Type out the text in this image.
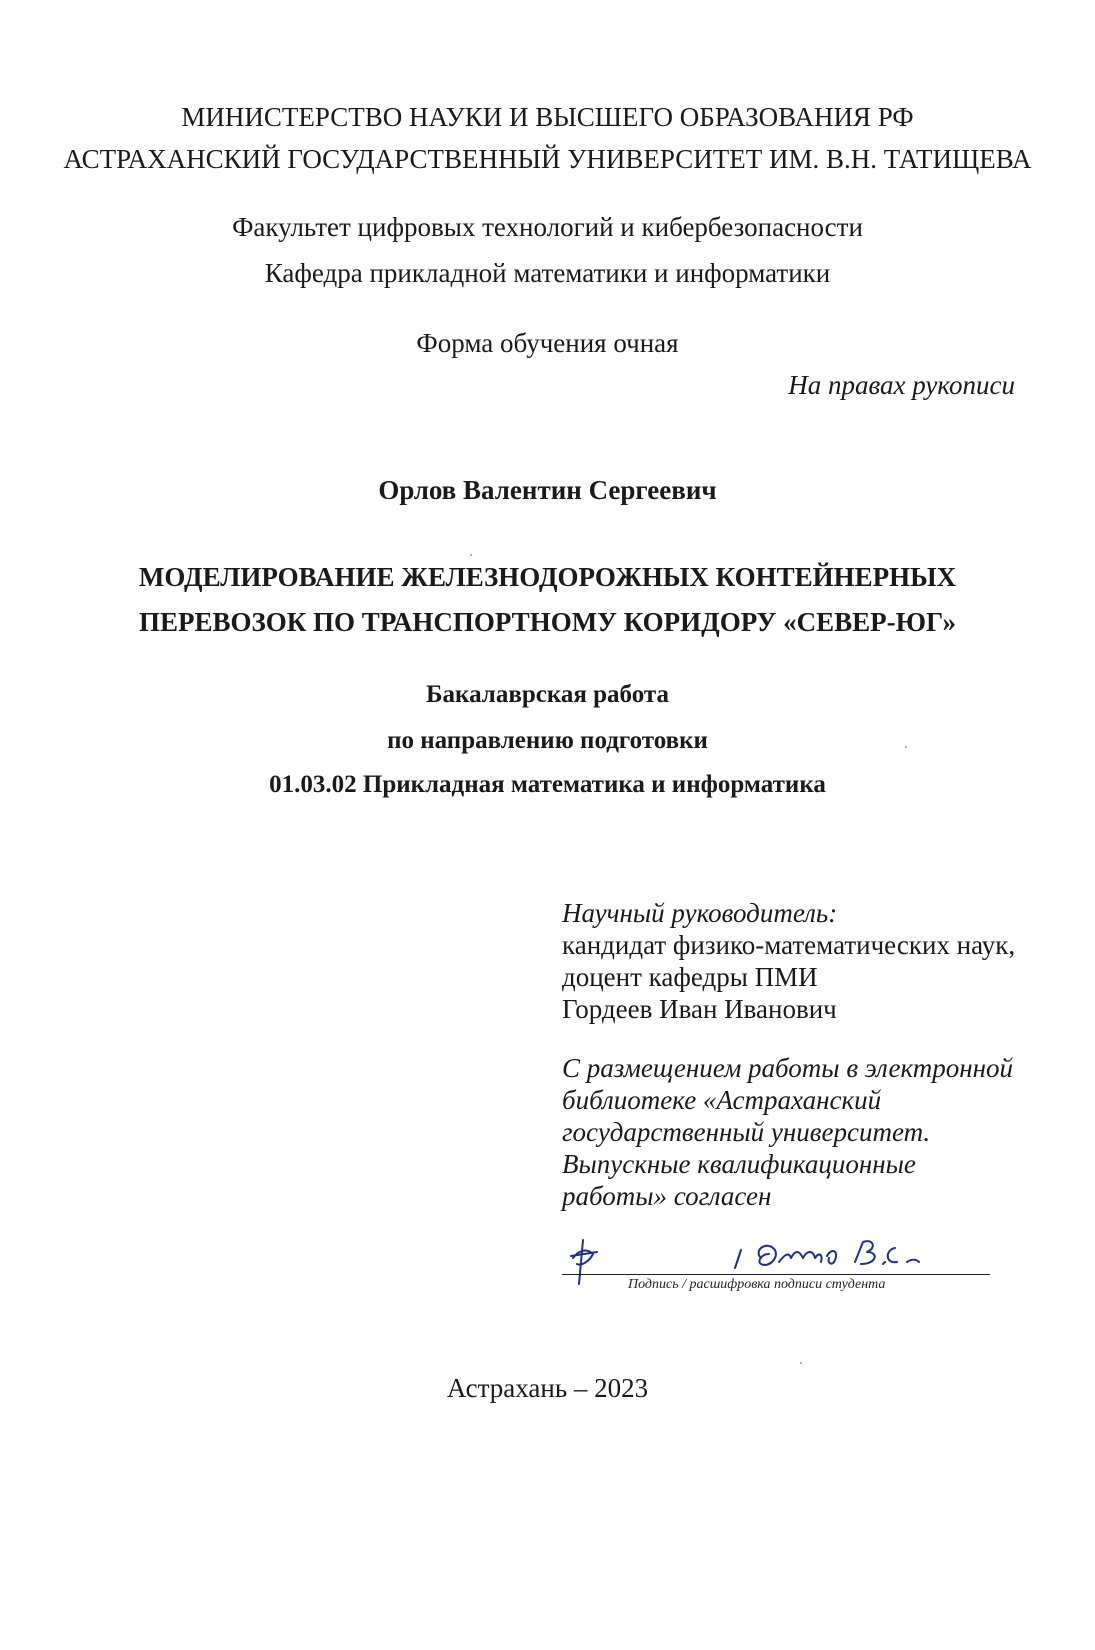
МИНИСТЕРСТВО НАУКИ И ВЫСШЕГО ОБРАЗОВАНИЯ РФ
АСТРАХАНСКИЙ ГОСУДАРСТВЕННЫЙ УНИВЕРСИТЕТ ИМ. В.Н. ТАТИЩЕВА
Факультет цифровых технологий и кибербезопасности
Кафедра прикладной математики и информатики
Форма обучения очная
На правах рукописи
Орлов Валентин Сергеевич
МОДЕЛИРОВАНИЕ ЖЕЛЕЗНОДОРОЖНЫХ КОНТЕЙНЕРНЫХ
ПЕРЕВОЗОК ПО ТРАНСПОРТНОМУ КОРИДОРУ «СЕВЕР-ЮГ»
Бакалаврская работа
по направлению подготовки
01.03.02 Прикладная математика и информатика
Научный руководитель:
кандидат физико-математических наук,
доцент кафедры ПМИ
Гордеев Иван Иванович
С размещением работы в электронной
библиотеке «Астраханский
государственный университет.
Выпускные квалификационные
работы» согласен
Подпись / расшифровка подписи студента
Астрахань – 2023
